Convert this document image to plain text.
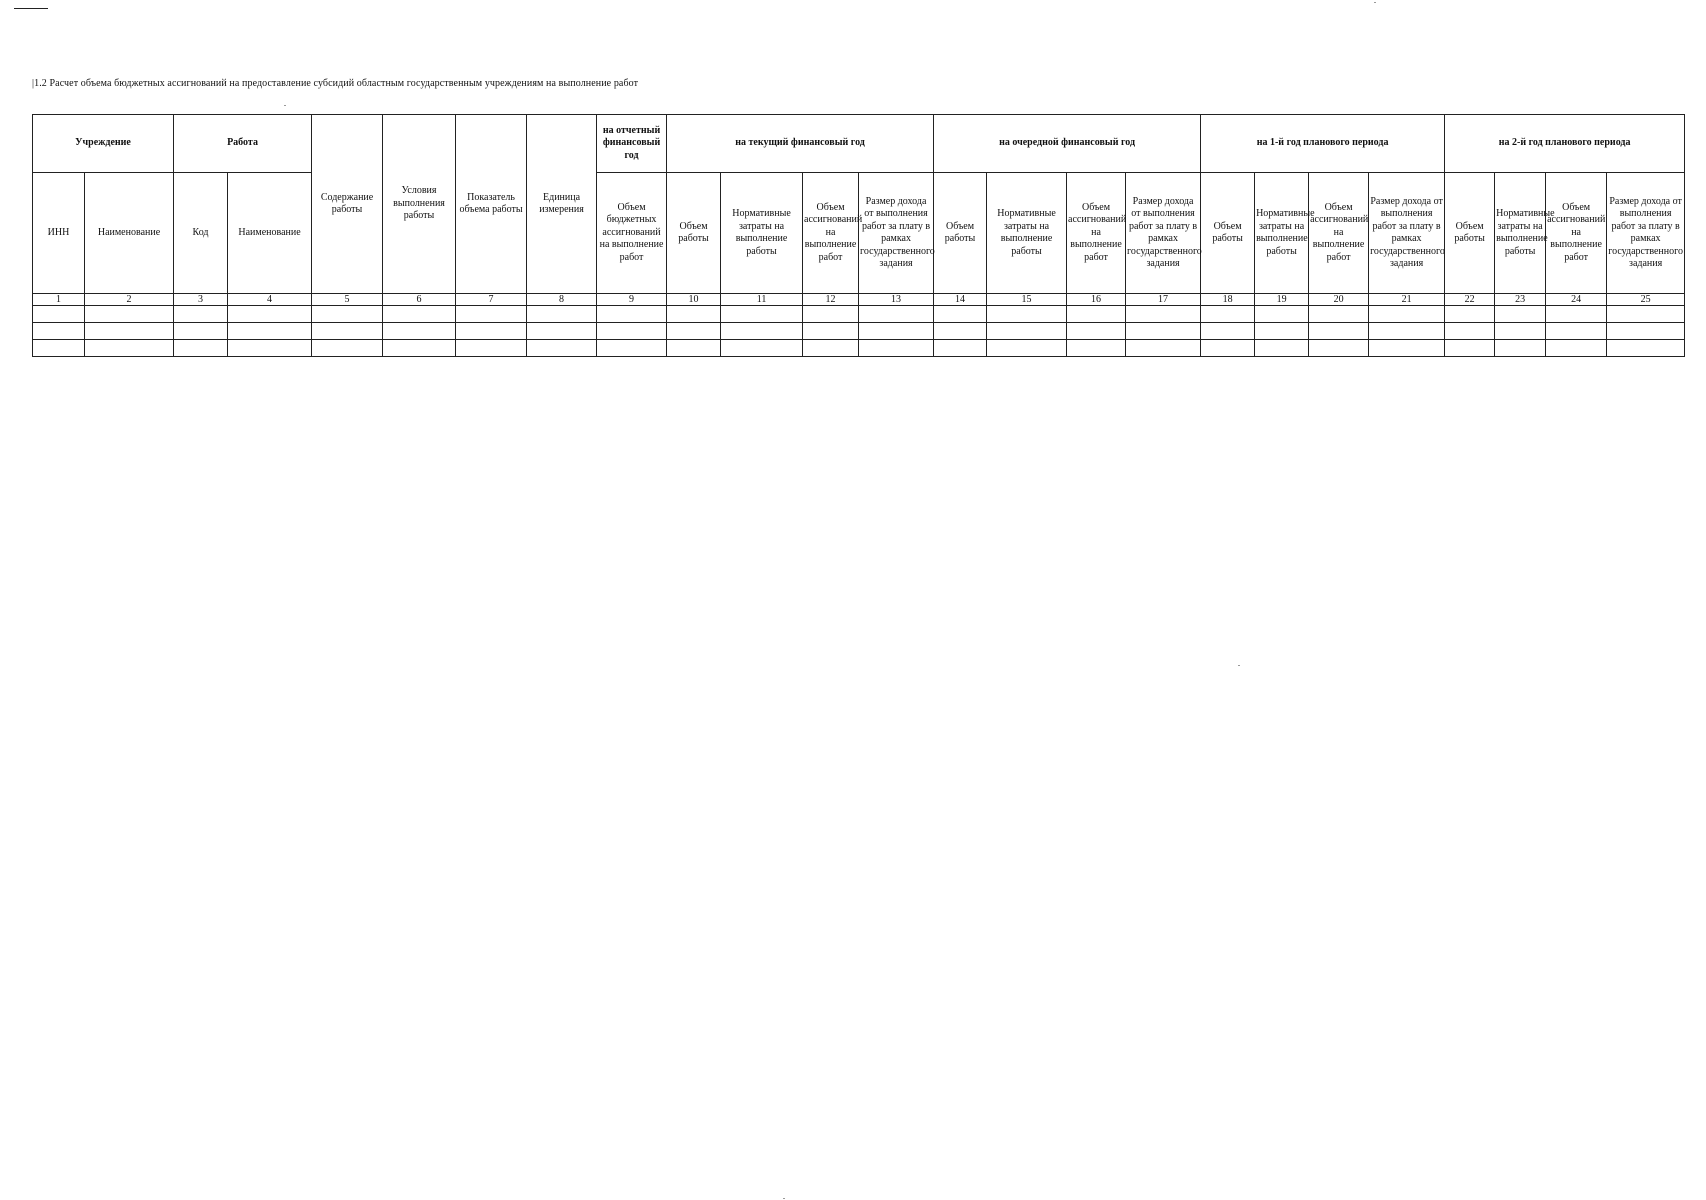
|1.2 Расчет объема бюджетных ассигнований на предоставление субсидий областным государственным учреждениям на выполнение работ
Учреждение		Работа		Содержание работы	Условия выполнения работы	Показатель объема работы	Единица измерения	на отчетный финансовый год	на текущий финансовый год				на очередной финансовый год				на 1-й год планового периода				на 2-й год планового периода			
ИНН	Наименование	Код	Наименование					Объем бюджетных ассигнований на выполнение работ	Объем работы	Нормативные затраты на выполнение работы	Объем ассигнований на выполнение работ	Размер дохода от выполнения работ за плату в рамках государственного задания	Объем работы	Нормативные затраты на выполнение работы	Объем ассигнований на выполнение работ	Размер дохода от выполнения работ за плату в рамках государственного задания	Объем работы	Нормативные затраты на выполнение работы	Объем ассигнований на выполнение работ	Размер дохода от выполнения работ за плату в рамках государственного задания	Объем работы	Нормативные затраты на выполнение работы	Объем ассигнований на выполнение работ	Размер дохода от выполнения работ за плату в рамках государственного задания
1	2	3	4	5	6	7	8	9	10	11	12	13	14	15	16	17	18	19	20	21	22	23	24	25
